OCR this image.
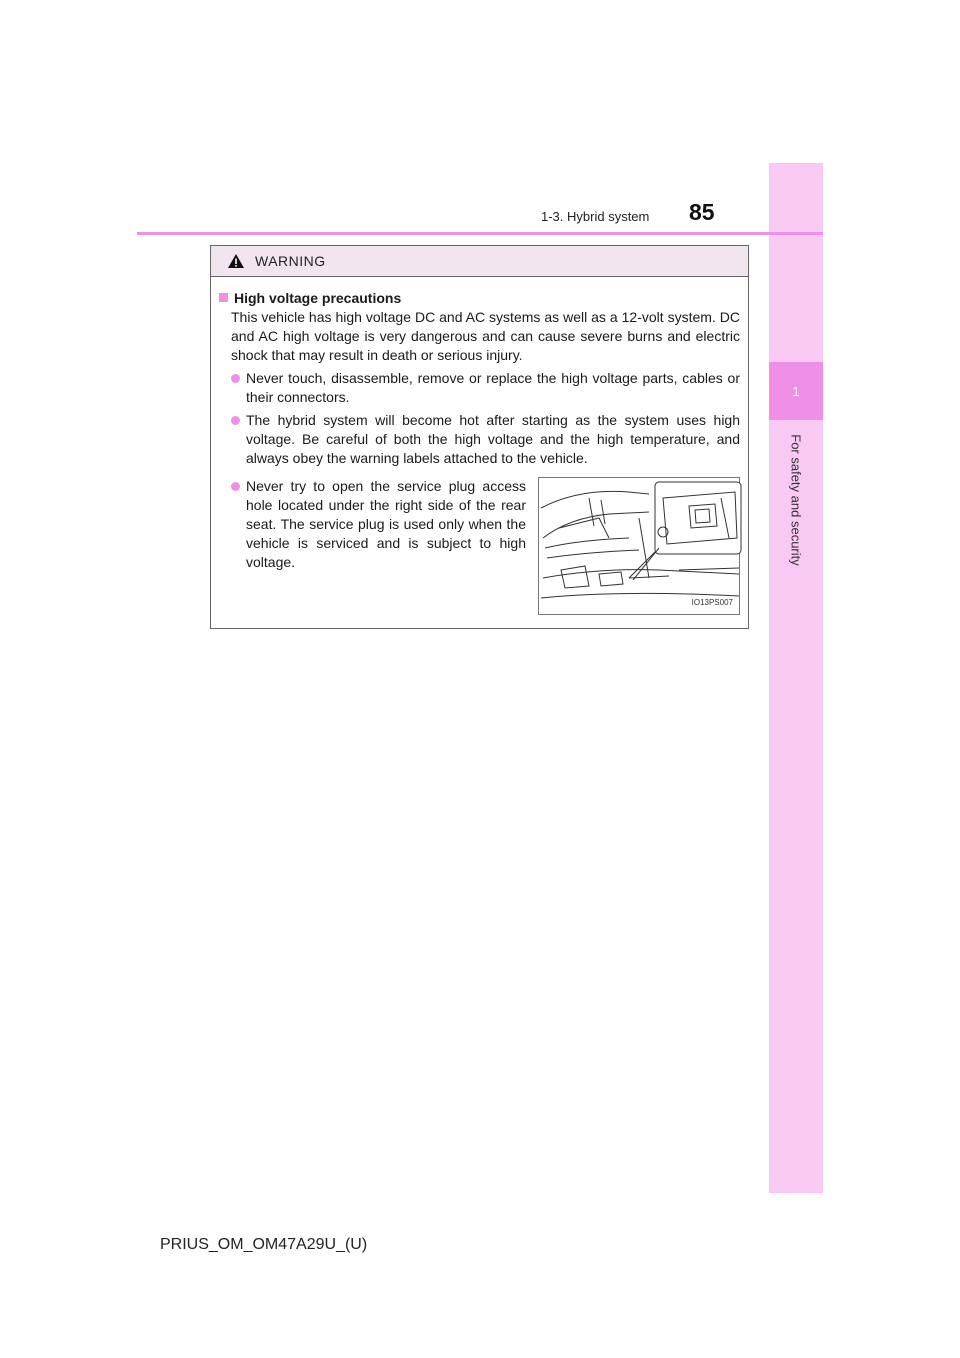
1
For safety and security
1-3. Hybrid system 85
WARNING
High voltage precautions
This vehicle has high voltage DC and AC systems as well as a 12-volt system. DC and AC high voltage is very dangerous and can cause severe burns and electric shock that may result in death or serious injury.
Never touch, disassemble, remove or replace the high voltage parts, cables or their connectors.
The hybrid system will become hot after starting as the system uses high voltage. Be careful of both the high voltage and the high temperature, and always obey the warning labels attached to the vehicle.
Never try to open the service plug access hole located under the right side of the rear seat. The service plug is used only when the vehicle is serviced and is subject to high voltage.
IO13PS007
PRIUS_OM_OM47A29U_(U)
